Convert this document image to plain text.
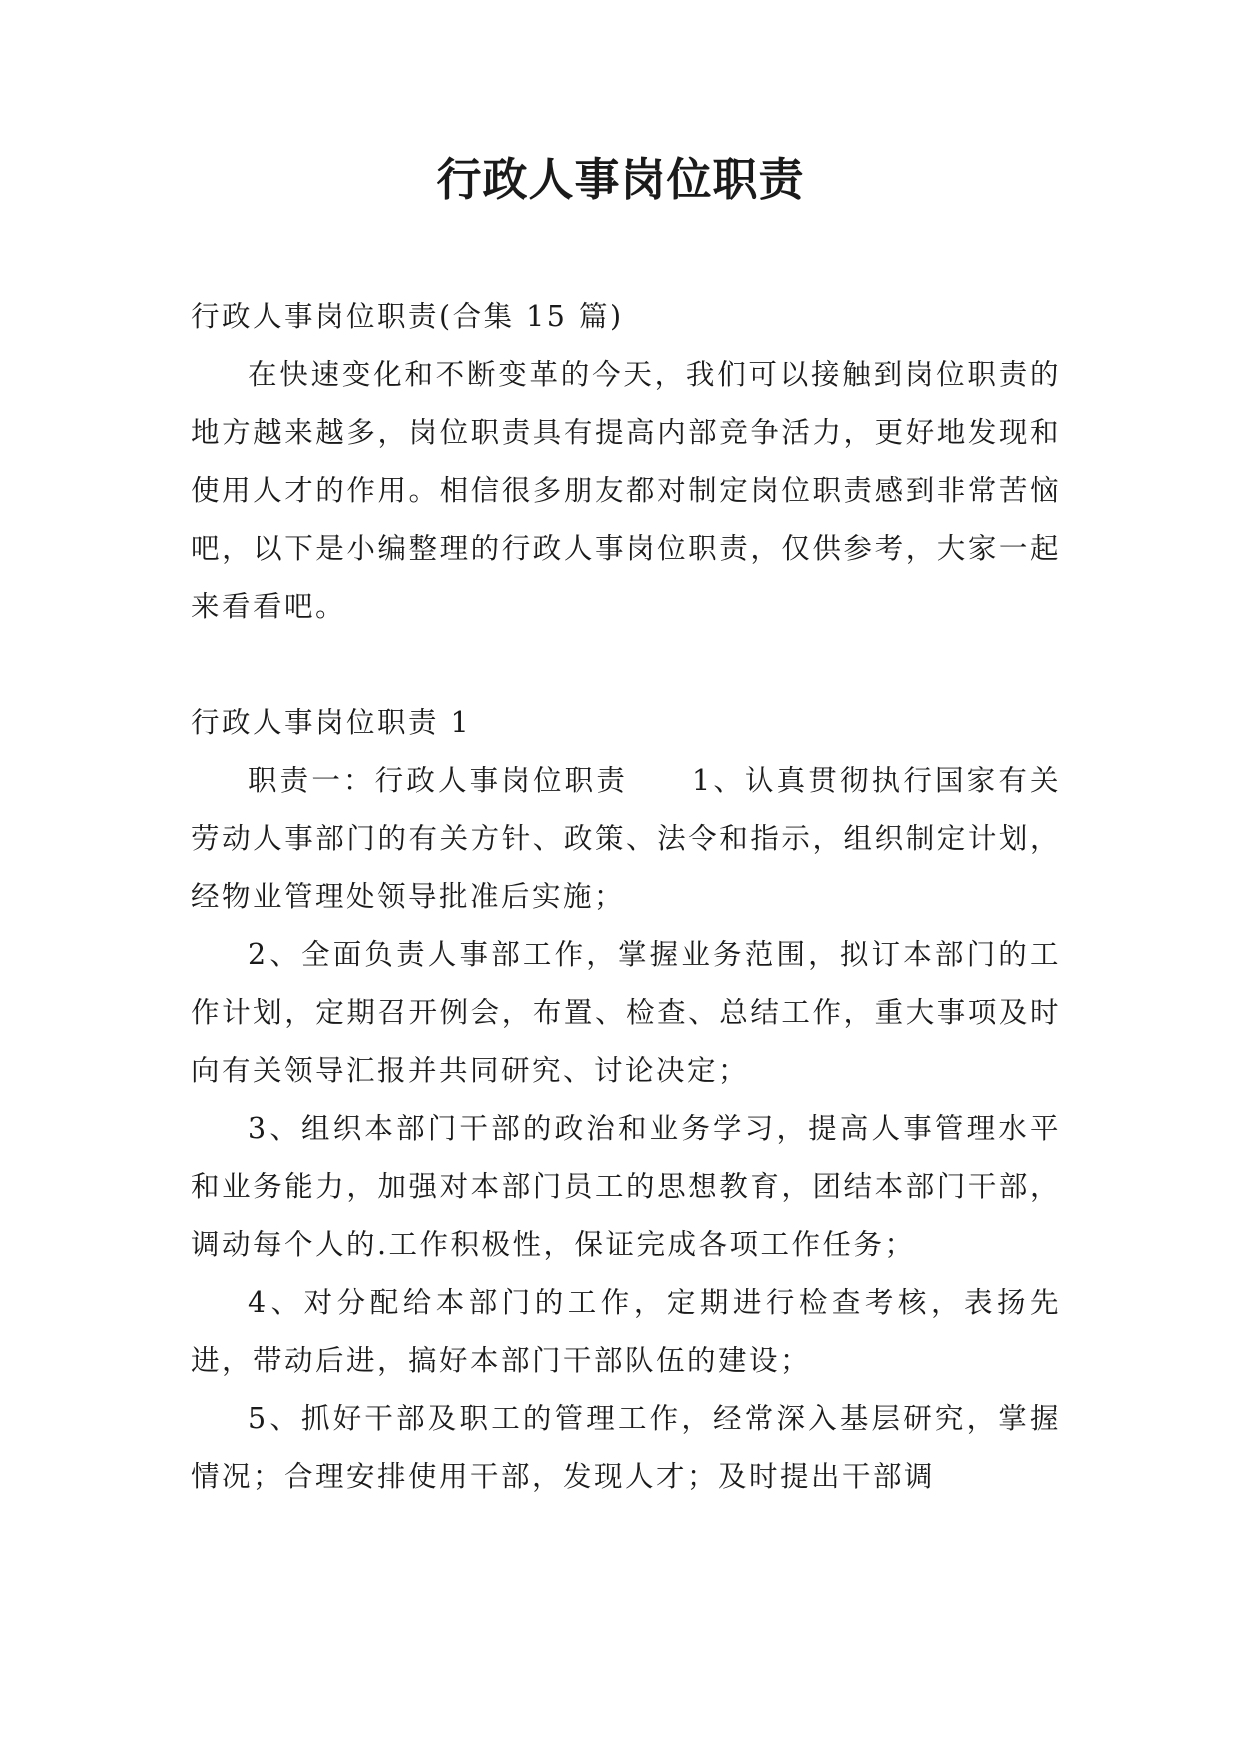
行政人事岗位职责

行政人事岗位职责(合集 15 篇)

在快速变化和不断变革的今天，我们可以接触到岗位职责的地方越来越多，岗位职责具有提高内部竞争活力，更好地发现和使用人才的作用。相信很多朋友都对制定岗位职责感到非常苦恼吧，以下是小编整理的行政人事岗位职责，仅供参考，大家一起来看看吧。

行政人事岗位职责 1

职责一：行政人事岗位职责 1、认真贯彻执行国家有关劳动人事部门的有关方针、政策、法令和指示，组织制定计划，经物业管理处领导批准后实施；

2、全面负责人事部工作，掌握业务范围，拟订本部门的工作计划，定期召开例会，布置、检查、总结工作，重大事项及时向有关领导汇报并共同研究、讨论决定；

3、组织本部门干部的政治和业务学习，提高人事管理水平和业务能力，加强对本部门员工的思想教育，团结本部门干部，调动每个人的.工作积极性，保证完成各项工作任务；

4、对分配给本部门的工作，定期进行检查考核，表扬先进，带动后进，搞好本部门干部队伍的建设；

5、抓好干部及职工的管理工作，经常深入基层研究，掌握情况；合理安排使用干部，发现人才；及时提出干部调
